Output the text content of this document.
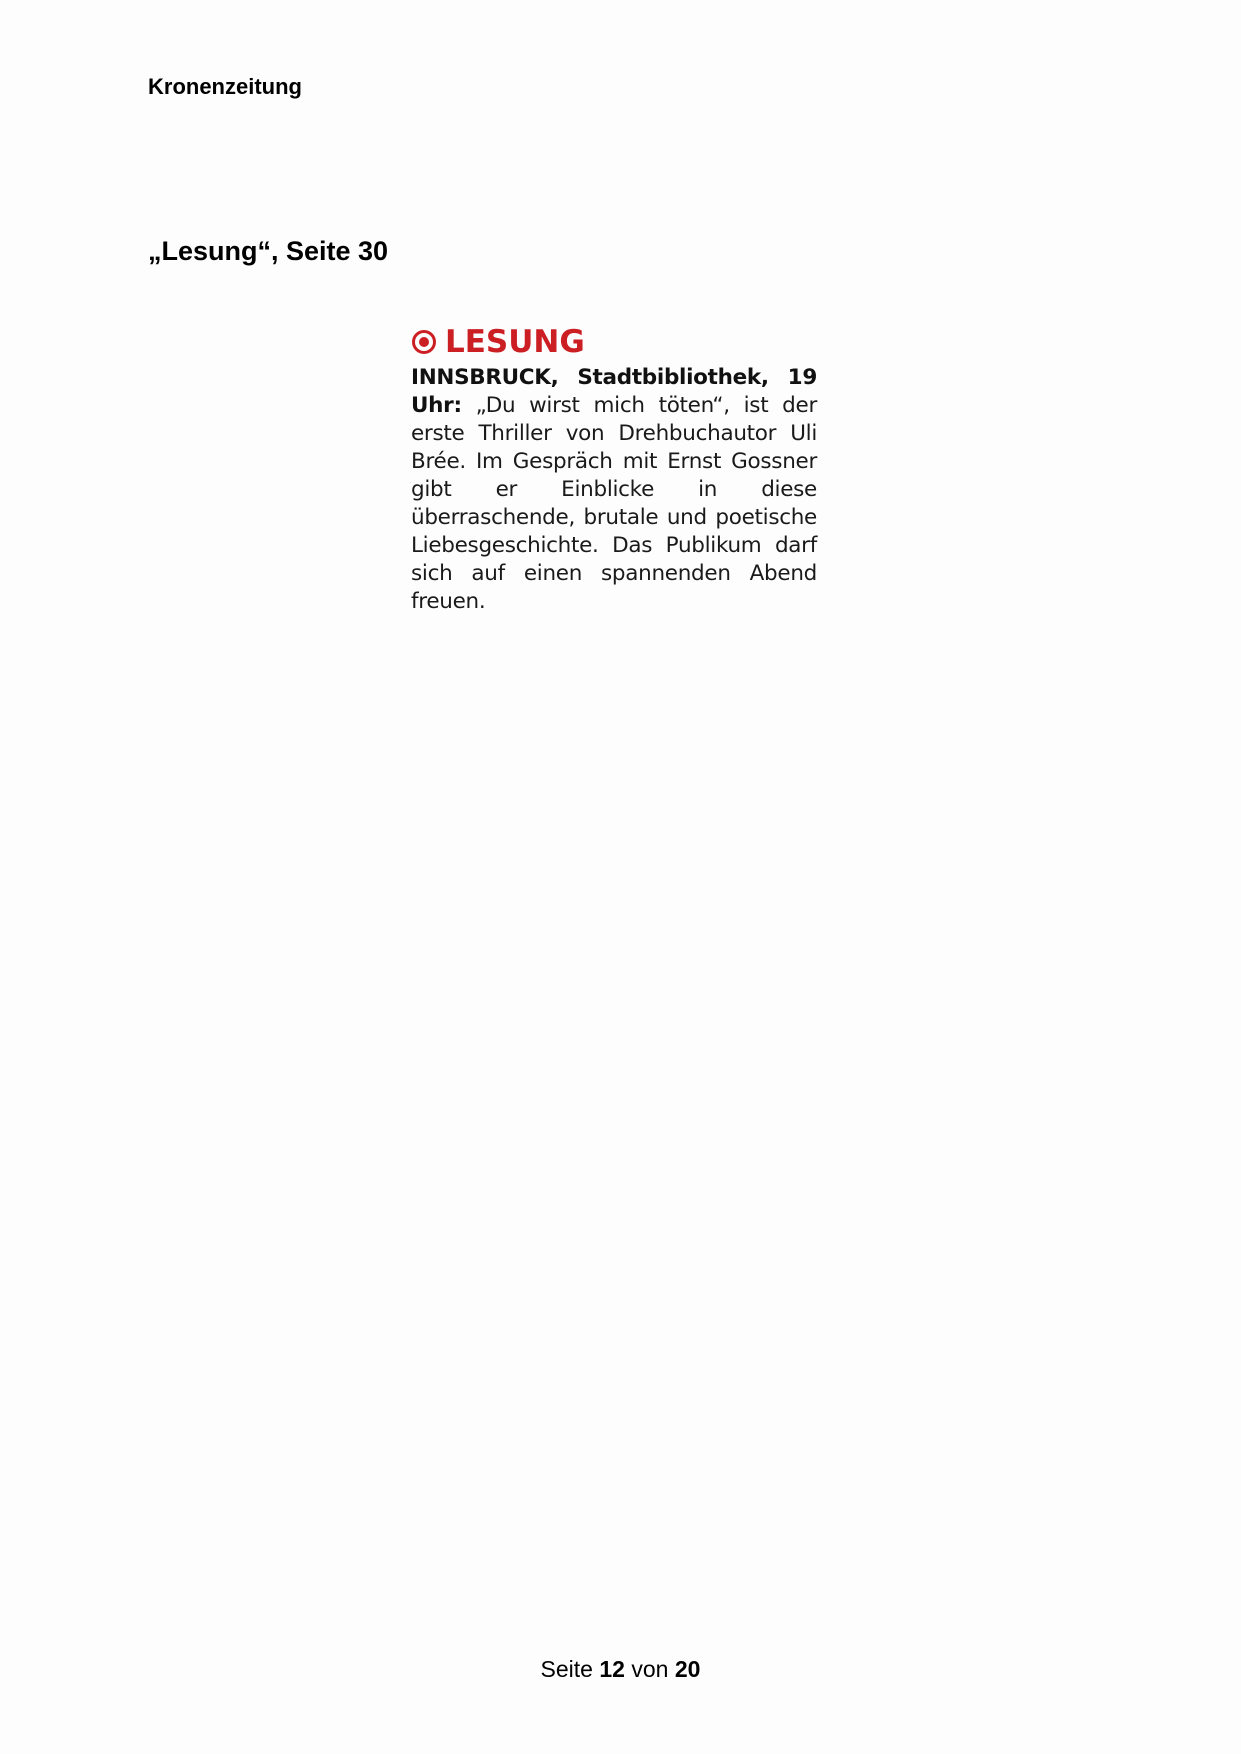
Kronenzeitung
„Lesung“, Seite 30
LESUNG
INNSBRUCK, Stadtbibliothek, 19 Uhr: „Du wirst mich töten“, ist der erste Thriller von Drehbuchautor Uli Brée. Im Gespräch mit Ernst Gossner gibt er Einblicke in diese überraschende, brutale und poetische Liebesgeschichte. Das Publikum darf sich auf einen spannenden Abend freuen.
Seite 12 von 20
